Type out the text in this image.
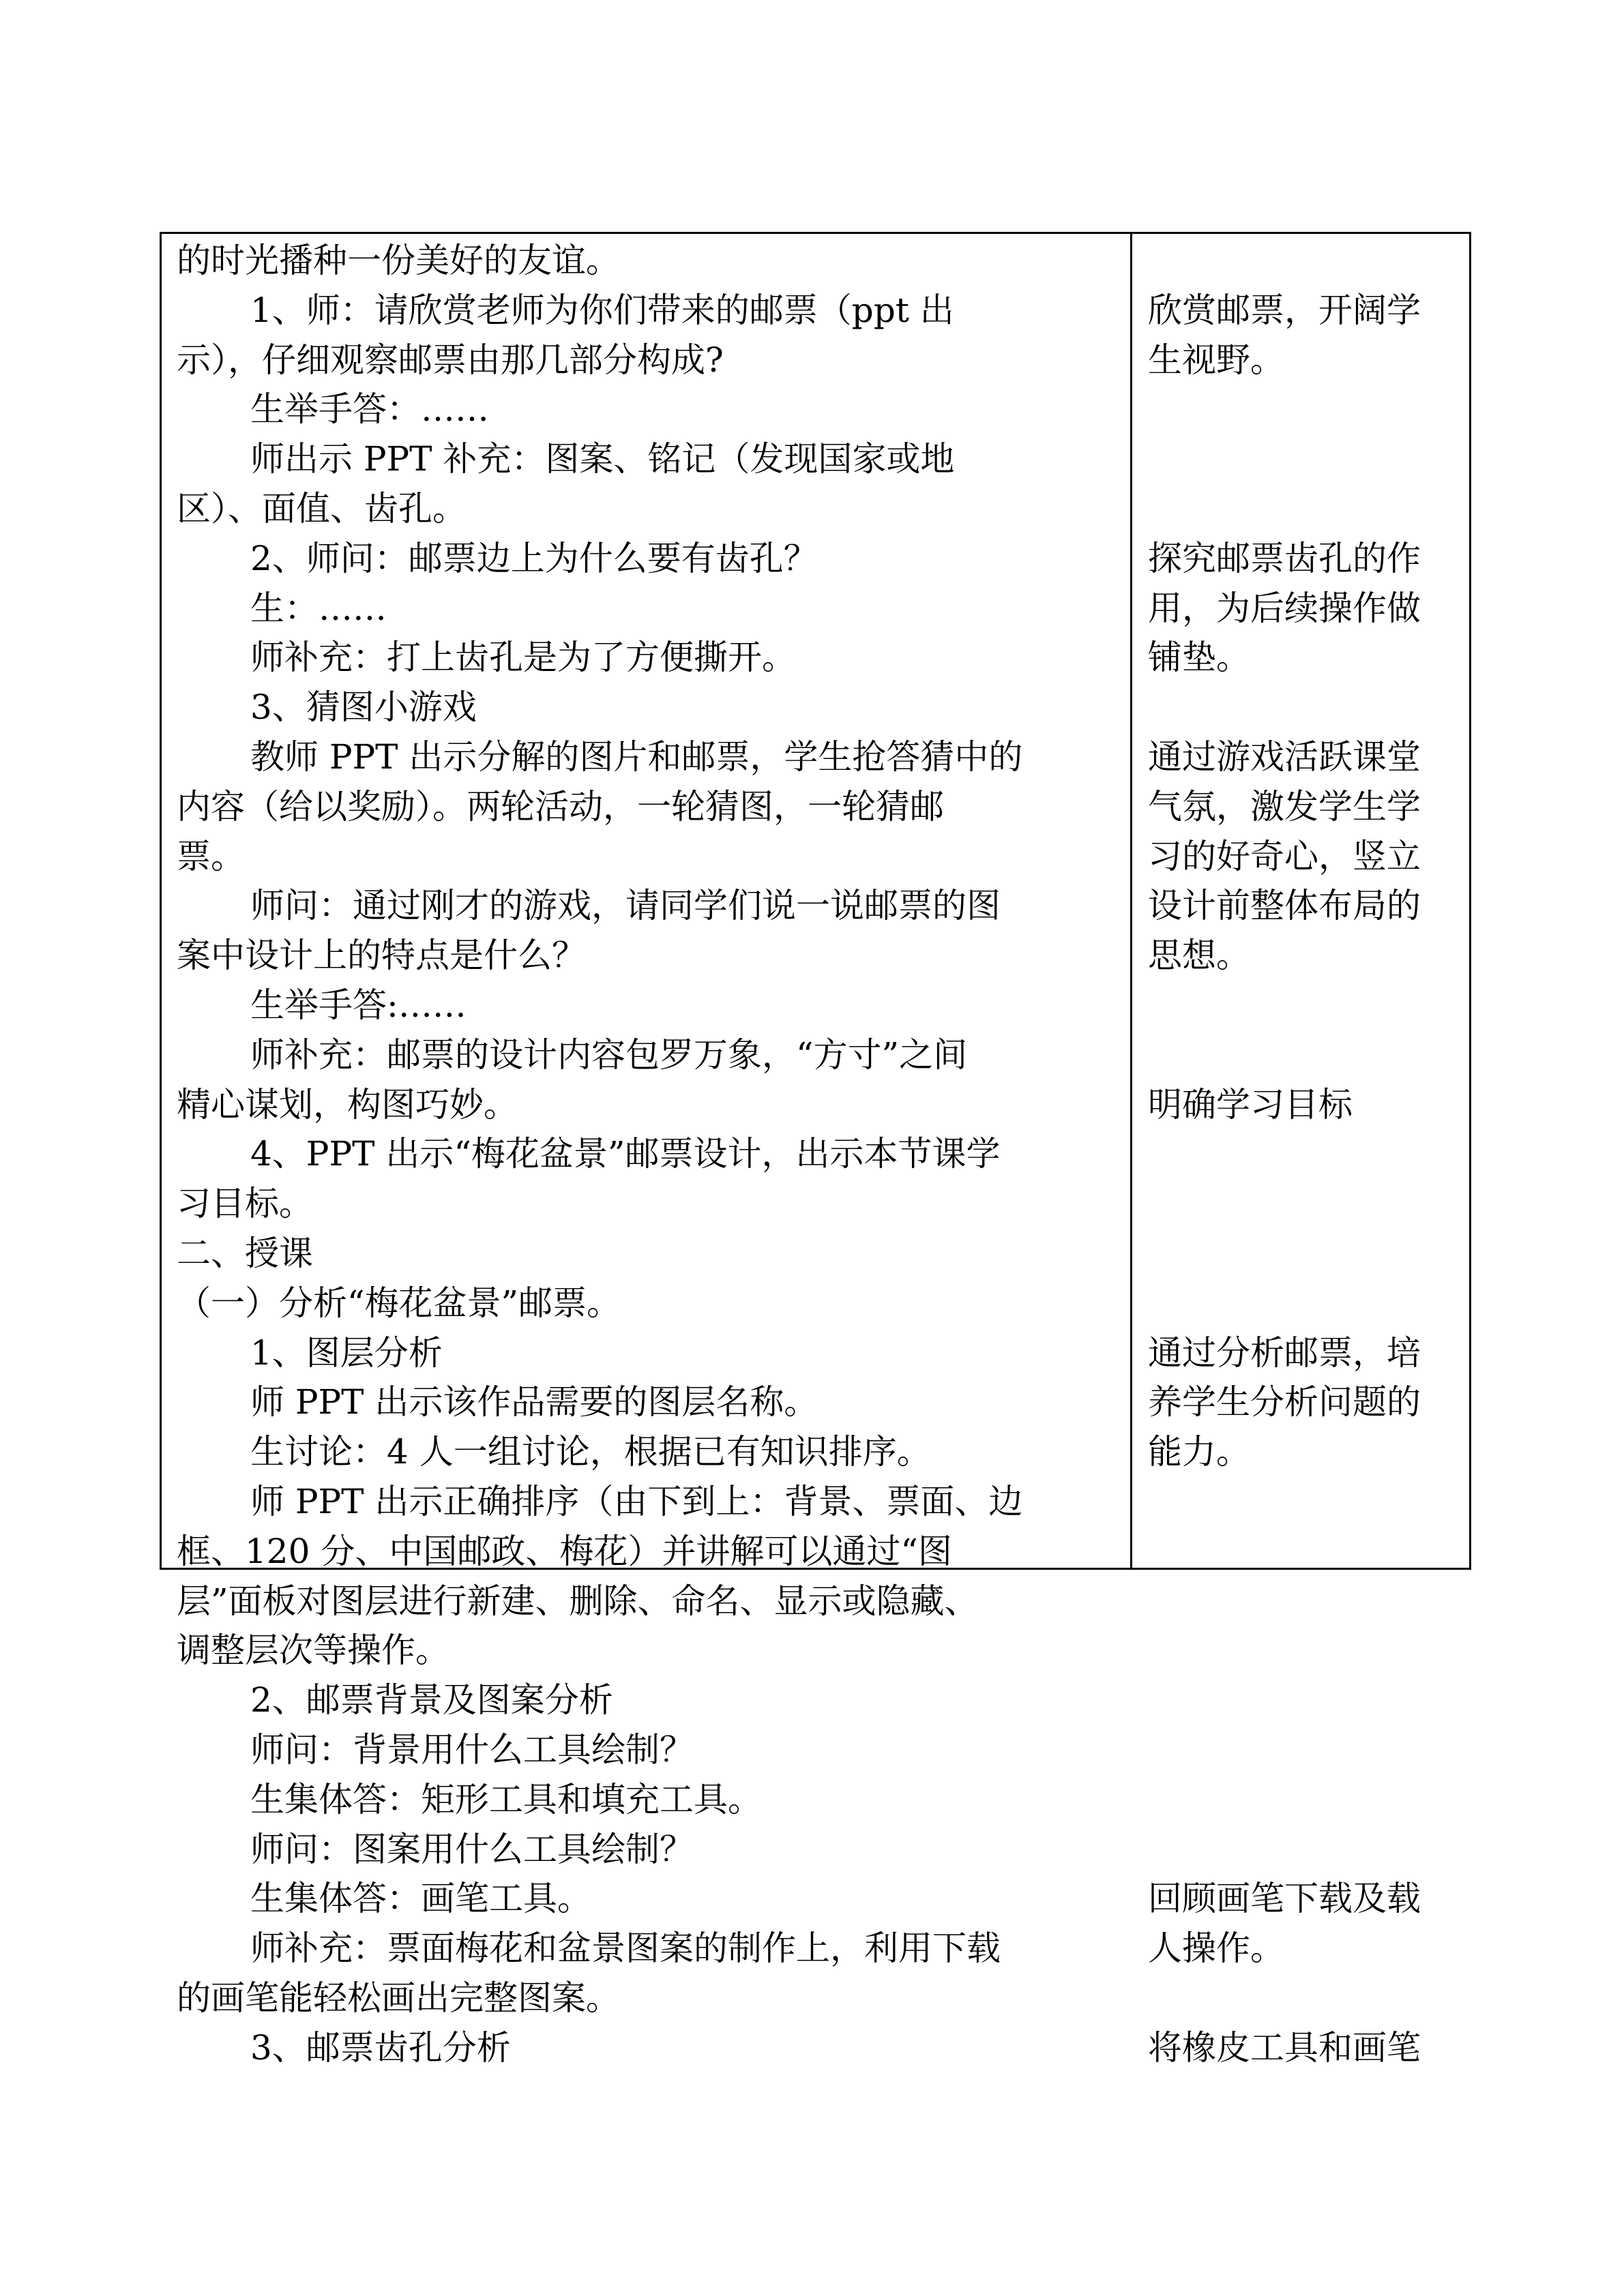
的时光播种一份美好的友谊。
1、师：请欣赏老师为你们带来的邮票（ppt 出
示），仔细观察邮票由那几部分构成?
生举手答：……
师出示 PPT 补充：图案、铭记（发现国家或地
区）、面值、齿孔。
2、师问：邮票边上为什么要有齿孔？
生：……
师补充：打上齿孔是为了方便撕开。
3、猜图小游戏
教师 PPT 出示分解的图片和邮票，学生抢答猜中的
内容（给以奖励）。两轮活动，一轮猜图，一轮猜邮
票。
师问：通过刚才的游戏，请同学们说一说邮票的图
案中设计上的特点是什么？
生举手答:……
师补充：邮票的设计内容包罗万象，“方寸”之间
精心谋划，构图巧妙。
4、PPT 出示“梅花盆景”邮票设计，出示本节课学
习目标。
二、授课
（一）分析“梅花盆景”邮票。
1、图层分析
师 PPT 出示该作品需要的图层名称。
生讨论：4 人一组讨论，根据已有知识排序。
师 PPT 出示正确排序（由下到上：背景、票面、边
框、120 分、中国邮政、梅花）并讲解可以通过“图
层”面板对图层进行新建、删除、命名、显示或隐藏、
调整层次等操作。
2、邮票背景及图案分析
师问：背景用什么工具绘制？
生集体答：矩形工具和填充工具。
师问：图案用什么工具绘制？
生集体答：画笔工具。
师补充：票面梅花和盆景图案的制作上，利用下载
的画笔能轻松画出完整图案。
3、邮票齿孔分析
欣赏邮票，开阔学
生视野。
探究邮票齿孔的作
用，为后续操作做
铺垫。
通过游戏活跃课堂
气氛，激发学生学
习的好奇心，竖立
设计前整体布局的
思想。
明确学习目标
通过分析邮票，培
养学生分析问题的
能力。
回顾画笔下载及载
人操作。
将橡皮工具和画笔
